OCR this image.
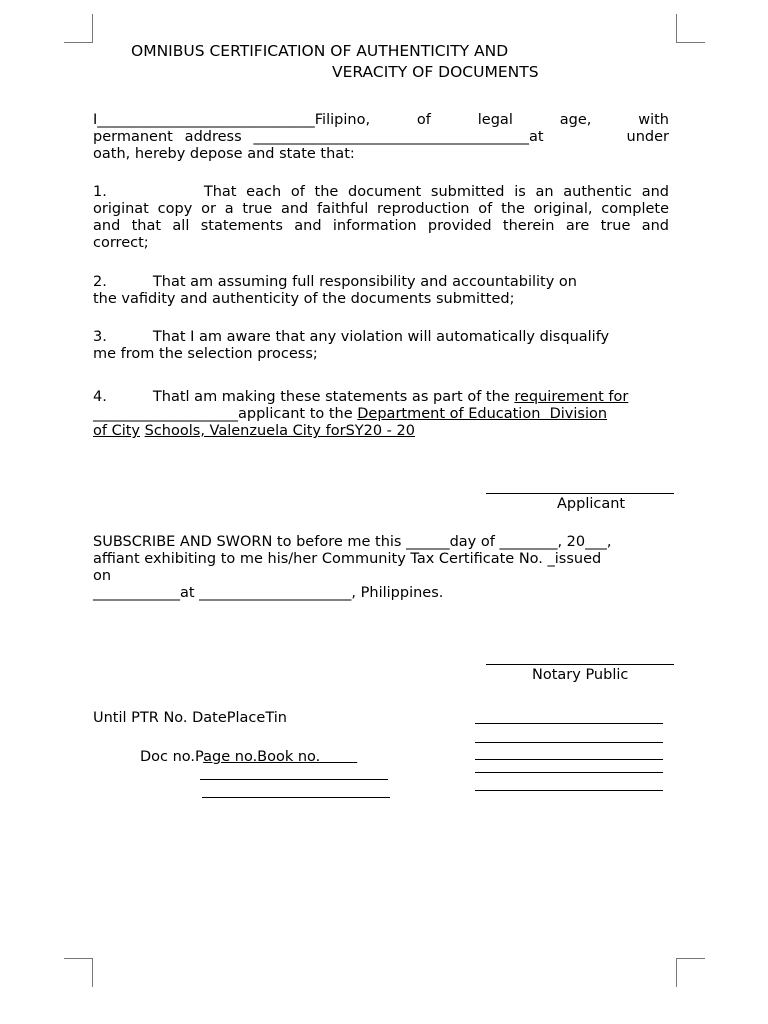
OMNIBUS CERTIFICATION OF AUTHENTICITY AND
VERACITY OF DOCUMENTS
I______________________________Filipino,   of   legal   age,   with
permanent address ______________________________________at       under
oath, hereby depose and state that:
1.          That each of the document submitted is an authentic and
originat copy or a true and faithful reproduction of the original, complete
and that all statements and information provided therein are true and
correct;
2.          That am assuming full responsibility and accountability on
the vafidity and authenticity of the documents submitted;
3.          That I am aware that any violation will automatically disqualify
me from the selection process;
4.          Thatl am making these statements as part of the requirement for
____________________applicant to the Department of Education  Division
of City Schools, Valenzuela City forSY20 - 20
Applicant
SUBSCRIBE AND SWORN to before me this ______day of ________, 20___,
affiant exhibiting to me his/her Community Tax Certificate No. _issued
on
____________at _____________________, Philippines.
Notary Public
Until PTR No. DatePlaceTin
Doc no.Page no.Book no.
